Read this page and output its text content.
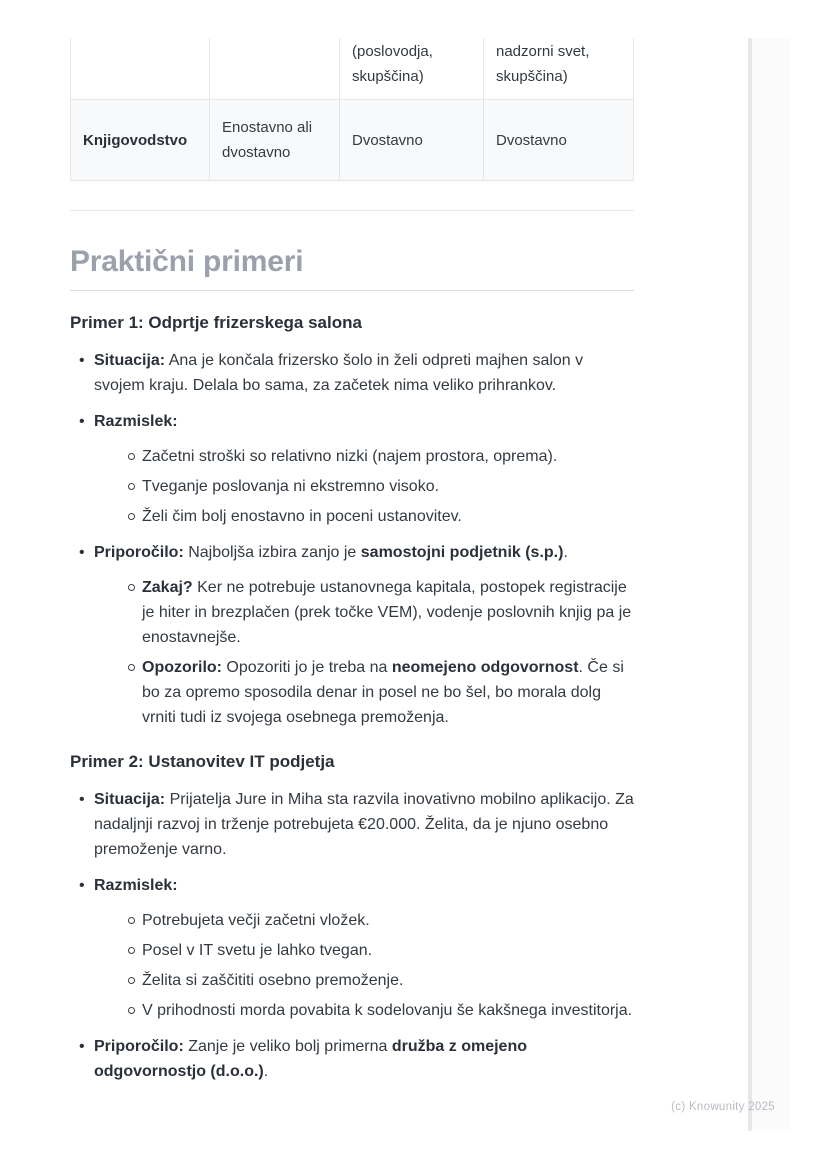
(poslovodja, skupščina)
nadzorni svet, skupščina)
Knjigovodstvo
Enostavno ali dvostavno
Dvostavno	Dvostavno
Praktični primeri
Primer 1: Odprtje frizerskega salona
• Situacija: Ana je končala frizersko šolo in želi odpreti majhen salon v svojem kraju. Delala bo sama, za začetek nima veliko prihrankov.
• Razmislek:
Začetni stroški so relativno nizki (najem prostora, oprema).
Tveganje poslovanja ni ekstremno visoko.
Želi čim bolj enostavno in poceni ustanovitev.
• Priporočilo: Najboljša izbira zanjo je samostojni podjetnik (s.p.).
Zakaj? Ker ne potrebuje ustanovnega kapitala, postopek registracije je hiter in brezplačen (prek točke VEM), vodenje poslovnih knjig pa je enostavnejše.
Opozorilo: Opozoriti jo je treba na neomejeno odgovornost. Če si bo za opremo sposodila denar in posel ne bo šel, bo morala dolg vrniti tudi iz svojega osebnega premoženja.
Primer 2: Ustanovitev IT podjetja
• Situacija: Prijatelja Jure in Miha sta razvila inovativno mobilno aplikacijo. Za nadaljnji razvoj in trženje potrebujeta €20.000. Želita, da je njuno osebno premoženje varno.
• Razmislek:
Potrebujeta večji začetni vložek.
Posel v IT svetu je lahko tvegan.
Želita si zaščititi osebno premoženje.
V prihodnosti morda povabita k sodelovanju še kakšnega investitorja.
• Priporočilo: Zanje je veliko bolj primerna družba z omejeno odgovornostjo (d.o.o.).
(c) Knowunity 2025
